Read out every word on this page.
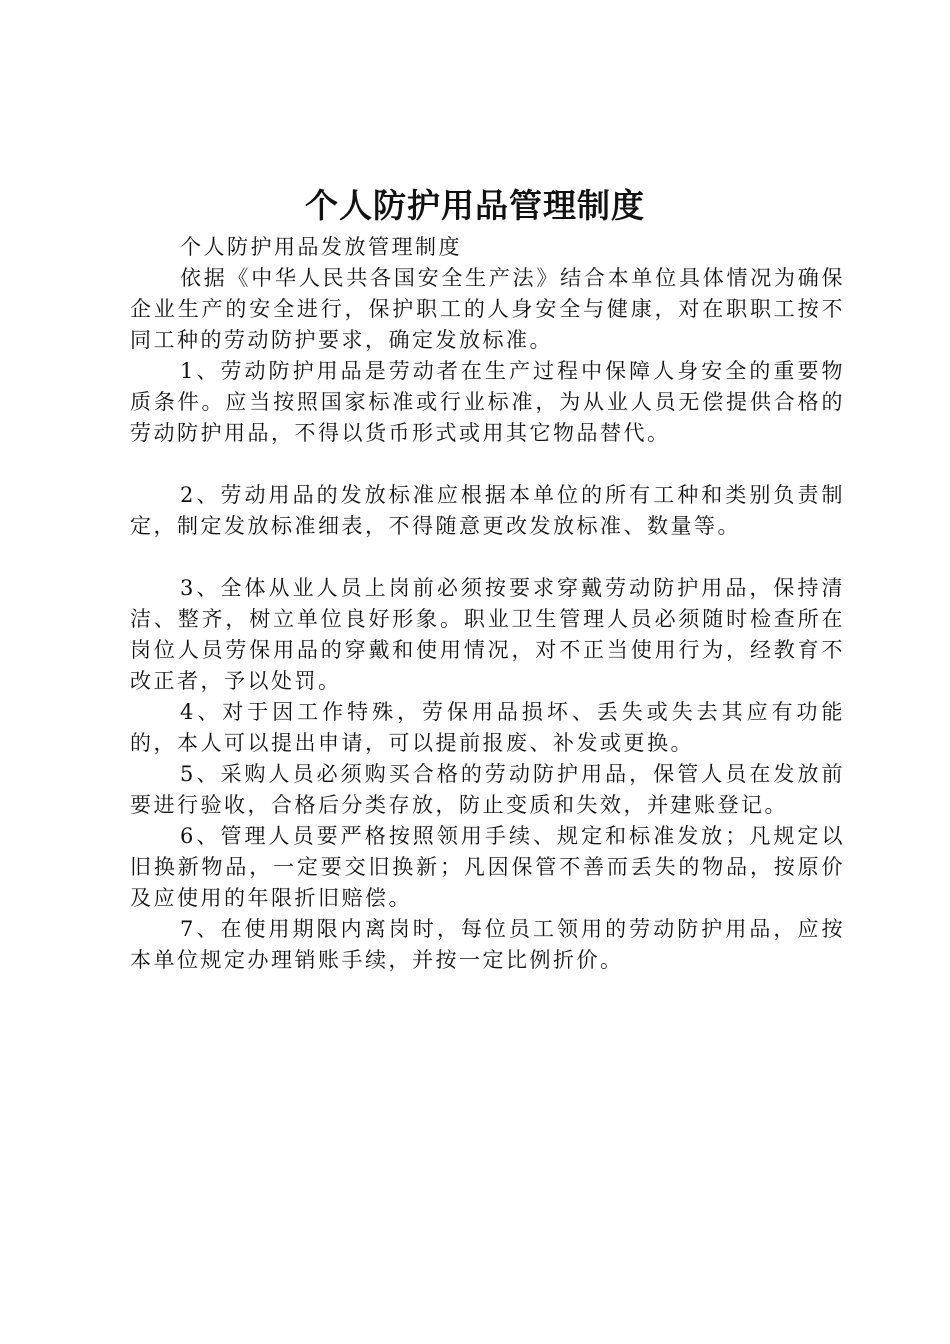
个人防护用品管理制度

个人防护用品发放管理制度

依据《中华人民共各国安全生产法》结合本单位具体情况为确保企业生产的安全进行，保护职工的人身安全与健康，对在职职工按不同工种的劳动防护要求，确定发放标准。

1、劳动防护用品是劳动者在生产过程中保障人身安全的重要物质条件。应当按照国家标准或行业标准，为从业人员无偿提供合格的劳动防护用品，不得以货币形式或用其它物品替代。

2、劳动用品的发放标准应根据本单位的所有工种和类别负责制定，制定发放标准细表，不得随意更改发放标准、数量等。

3、全体从业人员上岗前必须按要求穿戴劳动防护用品，保持清洁、整齐，树立单位良好形象。职业卫生管理人员必须随时检查所在岗位人员劳保用品的穿戴和使用情况，对不正当使用行为，经教育不改正者，予以处罚。

4、对于因工作特殊，劳保用品损坏、丢失或失去其应有功能的，本人可以提出申请，可以提前报废、补发或更换。

5、采购人员必须购买合格的劳动防护用品，保管人员在发放前要进行验收，合格后分类存放，防止变质和失效，并建账登记。

6、管理人员要严格按照领用手续、规定和标准发放；凡规定以旧换新物品，一定要交旧换新；凡因保管不善而丢失的物品，按原价及应使用的年限折旧赔偿。

7、在使用期限内离岗时，每位员工领用的劳动防护用品，应按本单位规定办理销账手续，并按一定比例折价。
